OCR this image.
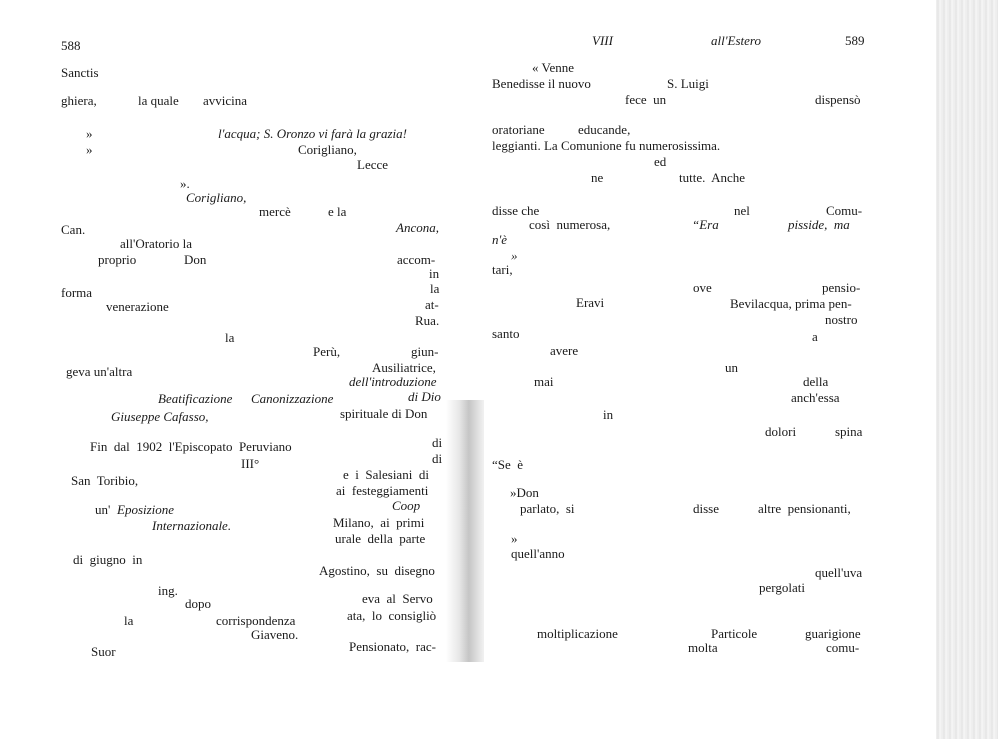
588
Sanctis
ghiera,	la quale avvicina
»	l'acqua; S. Oronzo vi farà la grazia!
»	Corigliano,
Lecce
».
Corigliano,
mercè	e la
Can.	Ancona,
all'Oratorio la
proprio	Don	accom-
in
forma	la
venerazione	at-
Rua.
la
Perù,	giun-
geva un'altra	Ausiliatrice,
dell'introduzione
Beatificazione Canonizzazione	di Dio
Giuseppe Cafasso,	spirituale di Don
Fin  dal  1902  l'Episcopato  Peruviano	di
di
III°
San  Toribio,	e  i  Salesiani  di
ai  festeggiamenti
un' Eposizione	Coop
Internazionale.	Milano,  ai  primi
urale  della  parte
di  giugno  in
Agostino,  su  disegno
ing.
dopo	eva  al  Servo
la	corrispondenza	ata,  lo  consigliò
Giaveno.
Suor	Pensionato,  rac-
VIII	all'Estero	589
« Venne
Benedisse il nuovo	S. Luigi
fece  un	dispensò
oratoriane	educande,
leggianti. La Comunione fu numerosissima.
ed
ne	tutte.  Anche
disse che	nel	Comu-
così  numerosa,	“Era	pisside,  ma
n'è
»
tari,
ove	pensio-
Eravi	Bevilacqua, prima pen-
nostro
santo	a
avere
un
mai	della
anch'essa
in
dolori	spina
“Se  è
»Don
parlato,  si	disse	altre  pensionanti,
»
quell'anno
quell'uva
pergolati
moltiplicazione	Particole	guarigione
molta	comu-
